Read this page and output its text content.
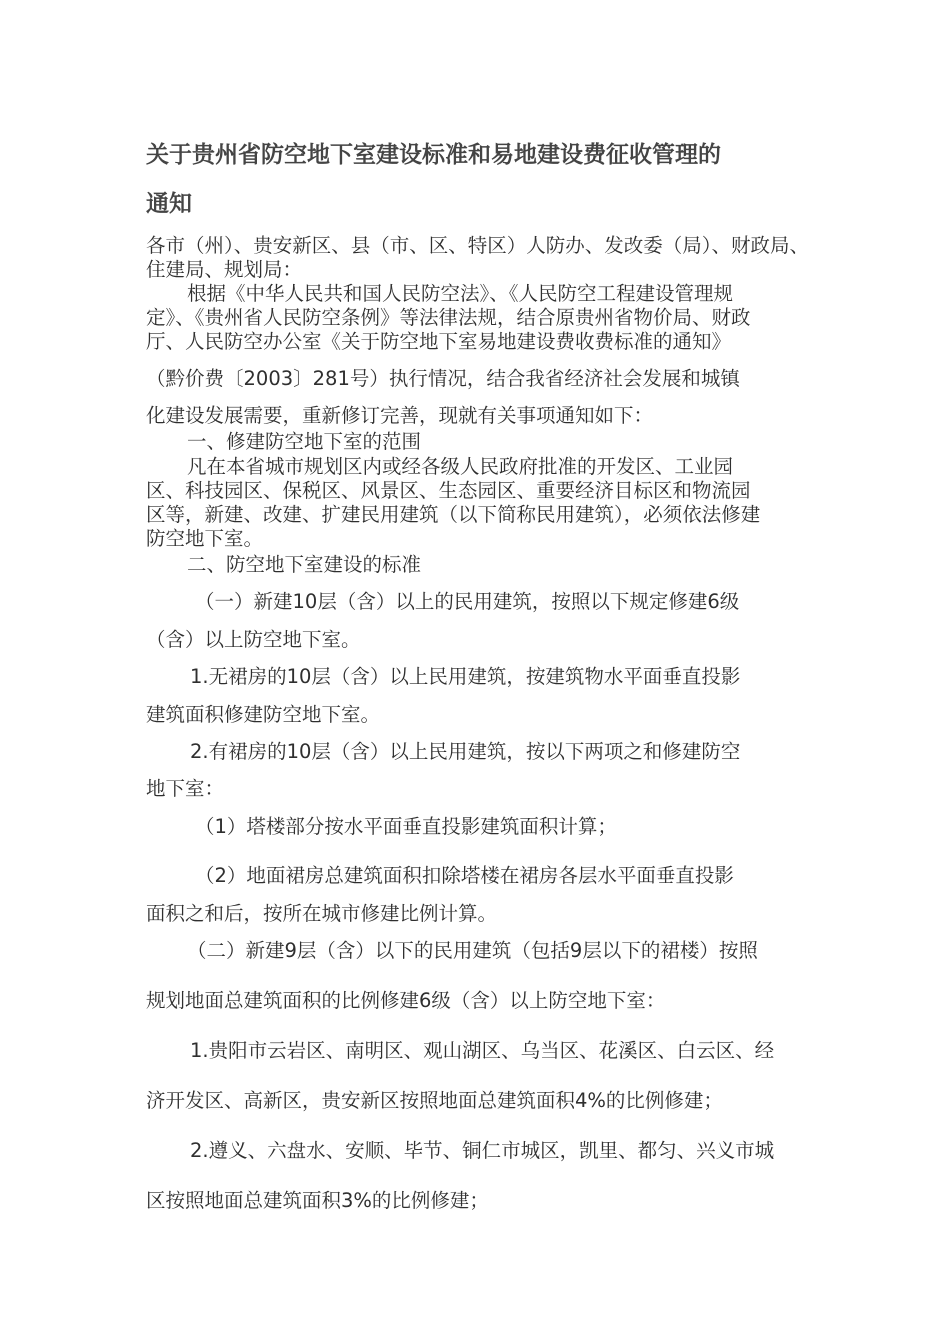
关于贵州省防空地下室建设标准和易地建设费征收管理的
通知
各市（州）、贵安新区、县（市、区、特区）人防办、发改委（局）、财政局、
住建局、规划局：
根据《中华人民共和国人民防空法》、《人民防空工程建设管理规
定》、《贵州省人民防空条例》等法律法规，结合原贵州省物价局、财政
厅、人民防空办公室《关于防空地下室易地建设费收费标准的通知》
（黔价费〔2003〕281号）执行情况，结合我省经济社会发展和城镇
化建设发展需要，重新修订完善，现就有关事项通知如下：
一、修建防空地下室的范围
凡在本省城市规划区内或经各级人民政府批准的开发区、工业园
区、科技园区、保税区、风景区、生态园区、重要经济目标区和物流园
区等，新建、改建、扩建民用建筑（以下简称民用建筑），必须依法修建
防空地下室。
二、防空地下室建设的标准
（一）新建10层（含）以上的民用建筑，按照以下规定修建6级
（含）以上防空地下室。
1.无裙房的10层（含）以上民用建筑，按建筑物水平面垂直投影
建筑面积修建防空地下室。
2.有裙房的10层（含）以上民用建筑，按以下两项之和修建防空
地下室：
（1）塔楼部分按水平面垂直投影建筑面积计算；
（2）地面裙房总建筑面积扣除塔楼在裙房各层水平面垂直投影
面积之和后，按所在城市修建比例计算。
（二）新建9层（含）以下的民用建筑（包括9层以下的裙楼）按照
规划地面总建筑面积的比例修建6级（含）以上防空地下室：
1.贵阳市云岩区、南明区、观山湖区、乌当区、花溪区、白云区、经
济开发区、高新区，贵安新区按照地面总建筑面积4%的比例修建；
2.遵义、六盘水、安顺、毕节、铜仁市城区，凯里、都匀、兴义市城
区按照地面总建筑面积3%的比例修建；
